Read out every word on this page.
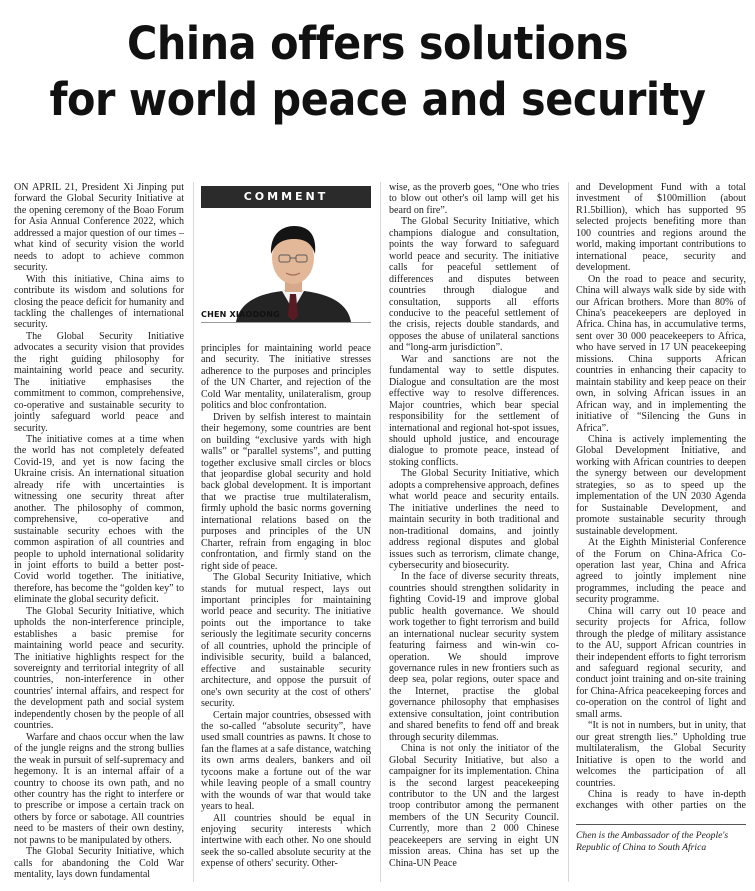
China offers solutions
for world peace and security

ON APRIL 21, President Xi Jinping put forward the Global Security Initiative at the opening ceremony of the Boao Forum for Asia Annual Conference 2022, which addressed a major question of our times – what kind of security vision the world needs to adopt to achieve common security.

With this initiative, China aims to contribute its wisdom and solutions for closing the peace deficit for humanity and tackling the challenges of international security.

The Global Security Initiative advocates a security vision that provides the right guiding philosophy for maintaining world peace and security. The initiative emphasises the commitment to common, comprehensive, co-operative and sustainable security to jointly safeguard world peace and security.

The initiative comes at a time when the world has not completely defeated Covid-19, and yet is now facing the Ukraine crisis. An international situation already rife with uncertainties is witnessing one security threat after another. The philosophy of common, comprehensive, co-operative and sustainable security echoes with the common aspiration of all countries and people to uphold international solidarity in joint efforts to build a better post-Covid world together. The initiative, therefore, has become the “golden key” to eliminate the global security deficit.

The Global Security Initiative, which upholds the non-interference principle, establishes a basic premise for maintaining world peace and security. The initiative highlights respect for the sovereignty and territorial integrity of all countries, non-interference in other countries' internal affairs, and respect for the development path and social system independently chosen by the people of all countries.

Warfare and chaos occur when the law of the jungle reigns and the strong bullies the weak in pursuit of self-supremacy and hegemony. It is an internal affair of a country to choose its own path, and no other country has the right to interfere or to prescribe or impose a certain track on others by force or sabotage. All countries need to be masters of their own destiny, not pawns to be manipulated by others.

The Global Security Initiative, which calls for abandoning the Cold War mentality, lays down fundamental

COMMENT
CHEN XIAODONG

principles for maintaining world peace and security. The initiative stresses adherence to the purposes and principles of the UN Charter, and rejection of the Cold War mentality, unilateralism, group politics and bloc confrontation.

Driven by selfish interest to maintain their hegemony, some countries are bent on building “exclusive yards with high walls” or “parallel systems”, and putting together exclusive small circles or blocs that jeopardise global security and hold back global development. It is important that we practise true multilateralism, firmly uphold the basic norms governing international relations based on the purposes and principles of the UN Charter, refrain from engaging in bloc confrontation, and firmly stand on the right side of peace.

The Global Security Initiative, which stands for mutual respect, lays out important principles for maintaining world peace and security. The initiative points out the importance to take seriously the legitimate security concerns of all countries, uphold the principle of indivisible security, build a balanced, effective and sustainable security architecture, and oppose the pursuit of one's own security at the cost of others' security.

Certain major countries, obsessed with the so-called “absolute security”, have used small countries as pawns. It chose to fan the flames at a safe distance, watching its own arms dealers, bankers and oil tycoons make a fortune out of the war while leaving people of a small country with the wounds of war that would take years to heal.

All countries should be equal in enjoying security interests which intertwine with each other. No one should seek the so-called absolute security at the expense of others' security. Other-

wise, as the proverb goes, “One who tries to blow out other's oil lamp will get his beard on fire”.

The Global Security Initiative, which champions dialogue and consultation, points the way forward to safeguard world peace and security. The initiative calls for peaceful settlement of differences and disputes between countries through dialogue and consultation, supports all efforts conducive to the peaceful settlement of the crisis, rejects double standards, and opposes the abuse of unilateral sanctions and “long-arm jurisdiction”.

War and sanctions are not the fundamental way to settle disputes. Dialogue and consultation are the most effective way to resolve differences. Major countries, which bear special responsibility for the settlement of international and regional hot-spot issues, should uphold justice, and encourage dialogue to promote peace, instead of stoking conflicts.

The Global Security Initiative, which adopts a comprehensive approach, defines what world peace and security entails. The initiative underlines the need to maintain security in both traditional and non-traditional domains, and jointly address regional disputes and global issues such as terrorism, climate change, cybersecurity and biosecurity.

In the face of diverse security threats, countries should strengthen solidarity in fighting Covid-19 and improve global public health governance. We should work together to fight terrorism and build an international nuclear security system featuring fairness and win-win co-operation. We should improve governance rules in new frontiers such as deep sea, polar regions, outer space and the Internet, practise the global governance philosophy that emphasises extensive consultation, joint contribution and shared benefits to fend off and break through security dilemmas.

China is not only the initiator of the Global Security Initiative, but also a campaigner for its implementation. China is the second largest peacekeeping contributor to the UN and the largest troop contributor among the permanent members of the UN Security Council. Currently, more than 2 000 Chinese peacekeepers are serving in eight UN mission areas. China has set up the China-UN Peace

and Development Fund with a total investment of $100million (about R1.5billion), which has supported 95 selected projects benefiting more than 100 countries and regions around the world, making important contributions to international peace, security and development.

On the road to peace and security, China will always walk side by side with our African brothers. More than 80% of China's peacekeepers are deployed in Africa. China has, in accumulative terms, sent over 30 000 peacekeepers to Africa, who have served in 17 UN peacekeeping missions. China supports African countries in enhancing their capacity to maintain stability and keep peace on their own, in solving African issues in an African way, and in implementing the initiative of “Silencing the Guns in Africa”.

China is actively implementing the Global Development Initiative, and working with African countries to deepen the synergy between our development strategies, so as to speed up the implementation of the UN 2030 Agenda for Sustainable Development, and promote sustainable security through sustainable development.

At the Eighth Ministerial Conference of the Forum on China-Africa Co-operation last year, China and Africa agreed to jointly implement nine programmes, including the peace and security programme.

China will carry out 10 peace and security projects for Africa, follow through the pledge of military assistance to the AU, support African countries in their independent efforts to fight terrorism and safeguard regional security, and conduct joint training and on-site training for China-Africa peacekeeping forces and co-operation on the control of light and small arms.

“It is not in numbers, but in unity, that our great strength lies.” Upholding true multilateralism, the Global Security Initiative is open to the world and welcomes the participation of all countries.

China is ready to have in-depth exchanges with other parties on the

Chen is the Ambassador of the People's Republic of China to South Africa
